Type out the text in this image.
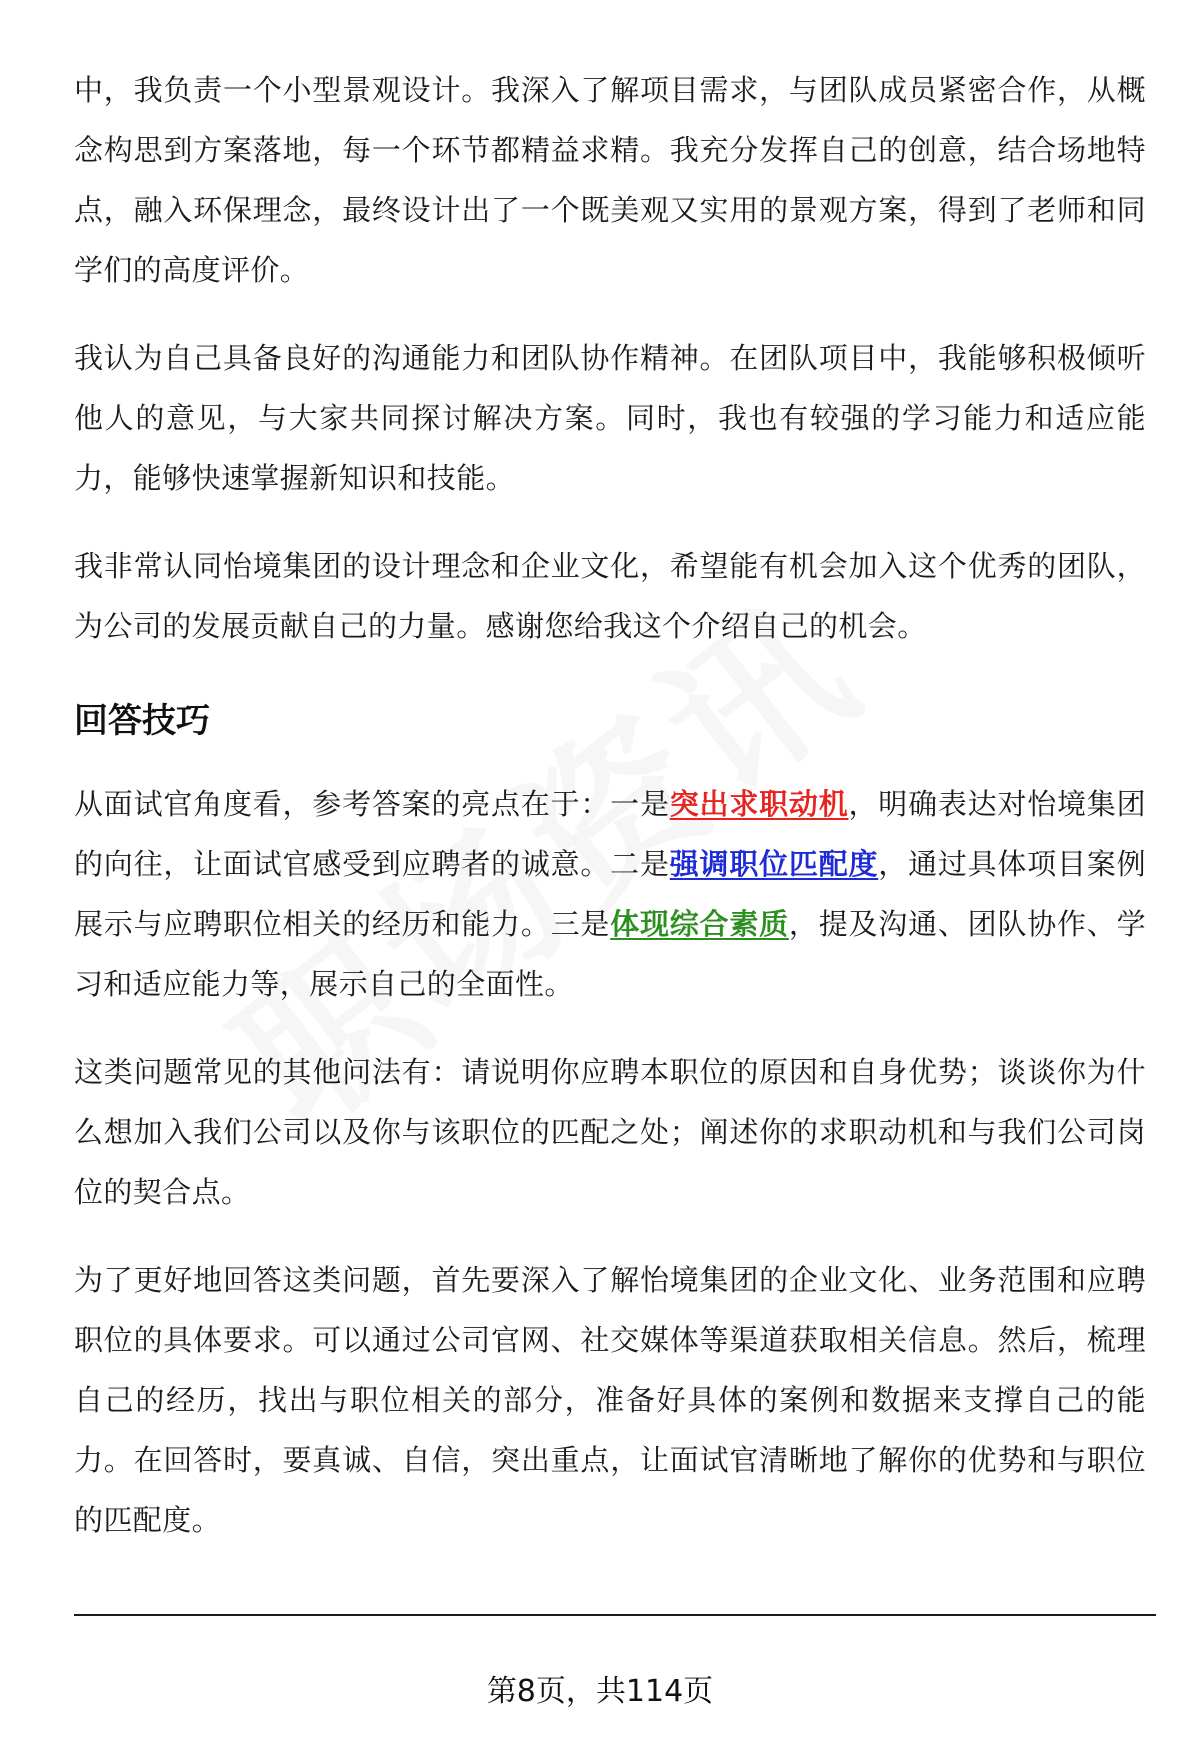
中，我负责一个小型景观设计。我深入了解项目需求，与团队成员紧密合作，从概念构思到方案落地，每一个环节都精益求精。我充分发挥自己的创意，结合场地特点，融入环保理念，最终设计出了一个既美观又实用的景观方案，得到了老师和同学们的高度评价。

我认为自己具备良好的沟通能力和团队协作精神。在团队项目中，我能够积极倾听他人的意见，与大家共同探讨解决方案。同时，我也有较强的学习能力和适应能力，能够快速掌握新知识和技能。

我非常认同怡境集团的设计理念和企业文化，希望能有机会加入这个优秀的团队，为公司的发展贡献自己的力量。感谢您给我这个介绍自己的机会。

回答技巧

从面试官角度看，参考答案的亮点在于：一是突出求职动机，明确表达对怡境集团的向往，让面试官感受到应聘者的诚意。二是强调职位匹配度，通过具体项目案例展示与应聘职位相关的经历和能力。三是体现综合素质，提及沟通、团队协作、学习和适应能力等，展示自己的全面性。

这类问题常见的其他问法有：请说明你应聘本职位的原因和自身优势；谈谈你为什么想加入我们公司以及你与该职位的匹配之处；阐述你的求职动机和与我们公司岗位的契合点。

为了更好地回答这类问题，首先要深入了解怡境集团的企业文化、业务范围和应聘职位的具体要求。可以通过公司官网、社交媒体等渠道获取相关信息。然后，梳理自己的经历，找出与职位相关的部分，准备好具体的案例和数据来支撑自己的能力。在回答时，要真诚、自信，突出重点，让面试官清晰地了解你的优势和与职位的匹配度。

第8页，共114页
